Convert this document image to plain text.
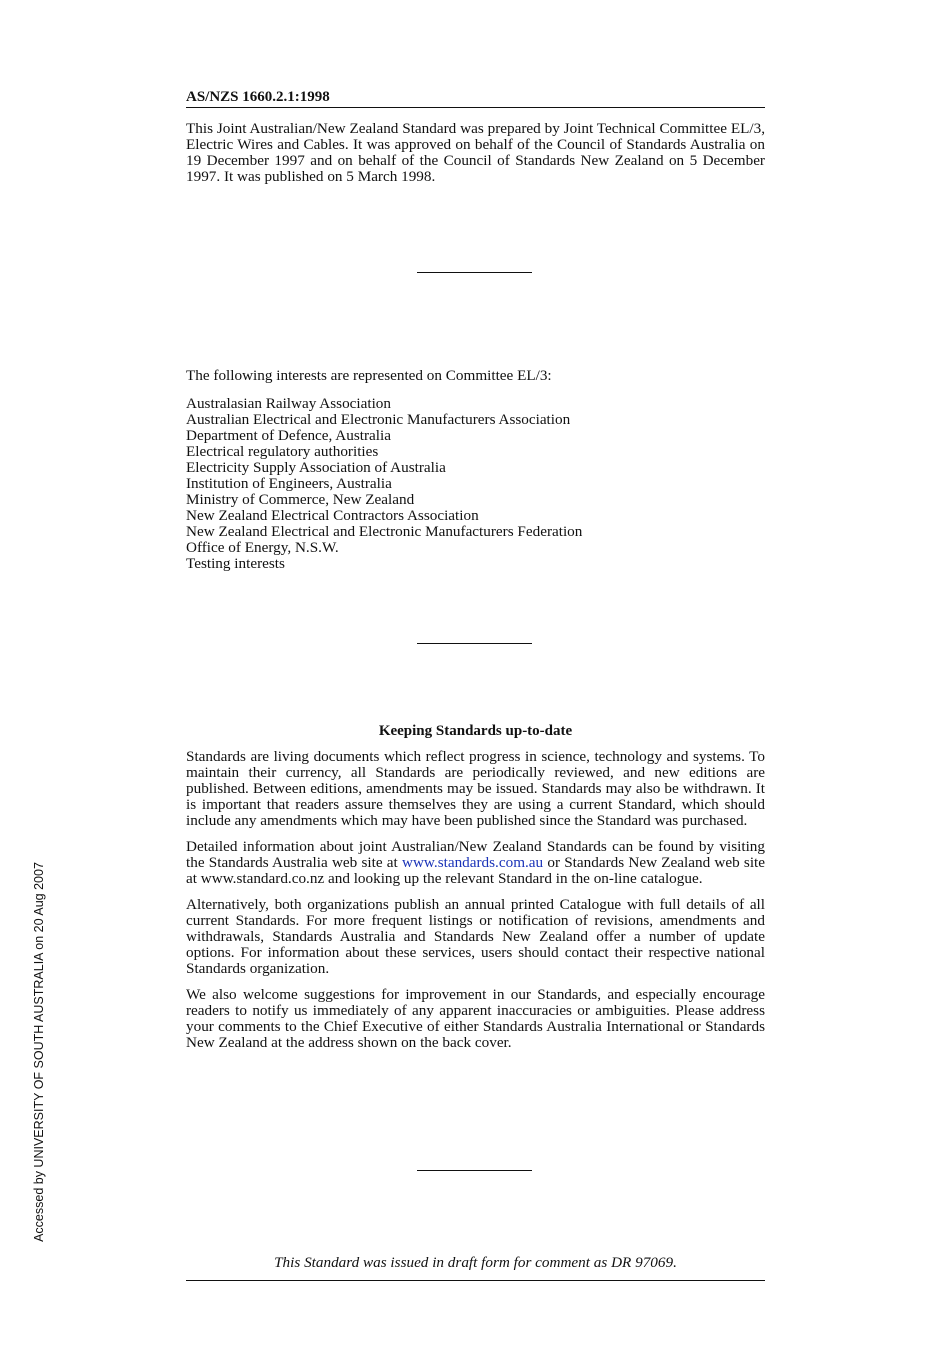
AS/NZS 1660.2.1:1998

This Joint Australian/New Zealand Standard was prepared by Joint Technical Committee EL/3, Electric Wires and Cables. It was approved on behalf of the Council of Standards Australia on 19 December 1997 and on behalf of the Council of Standards New Zealand on 5 December 1997. It was published on 5 March 1998.

The following interests are represented on Committee EL/3:

Australasian Railway Association
Australian Electrical and Electronic Manufacturers Association
Department of Defence, Australia
Electrical regulatory authorities
Electricity Supply Association of Australia
Institution of Engineers, Australia
Ministry of Commerce, New Zealand
New Zealand Electrical Contractors Association
New Zealand Electrical and Electronic Manufacturers Federation
Office of Energy, N.S.W.
Testing interests
Keeping Standards up-to-date

Standards are living documents which reflect progress in science, technology and systems. To maintain their currency, all Standards are periodically reviewed, and new editions are published. Between editions, amendments may be issued. Standards may also be withdrawn. It is important that readers assure themselves they are using a current Standard, which should include any amendments which may have been published since the Standard was purchased.

Detailed information about joint Australian/New Zealand Standards can be found by visiting the Standards Australia web site at www.standards.com.au or Standards New Zealand web site at www.standard.co.nz and looking up the relevant Standard in the on-line catalogue.

Alternatively, both organizations publish an annual printed Catalogue with full details of all current Standards. For more frequent listings or notification of revisions, amendments and withdrawals, Standards Australia and Standards New Zealand offer a number of update options. For information about these services, users should contact their respective national Standards organization.

We also welcome suggestions for improvement in our Standards, and especially encourage readers to notify us immediately of any apparent inaccuracies or ambiguities. Please address your comments to the Chief Executive of either Standards Australia International or Standards New Zealand at the address shown on the back cover.

This Standard was issued in draft form for comment as DR 97069.

Accessed by UNIVERSITY OF SOUTH AUSTRALIA on 20 Aug 2007
